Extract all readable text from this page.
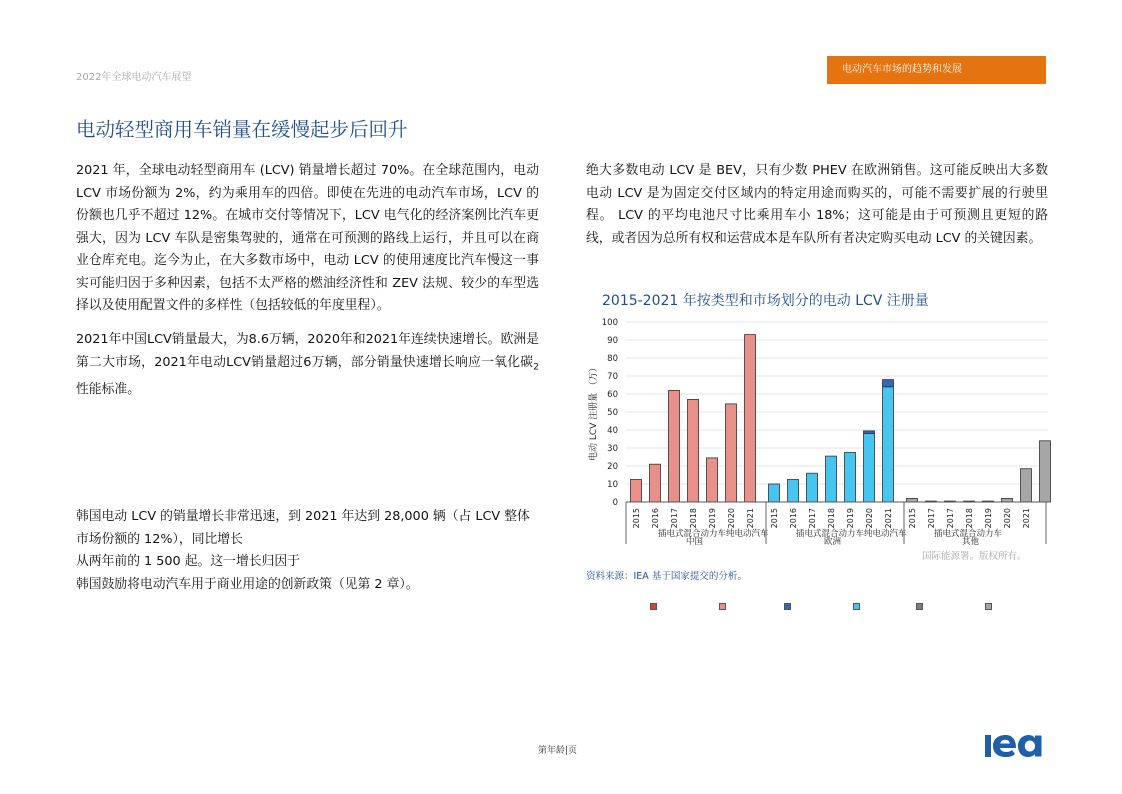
2022年全球电动汽车展望
电动汽车市场的趋势和发展
电动轻型商用车销量在缓慢起步后回升

2021 年，全球电动轻型商用车 (LCV) 销量增长超过 70%。在全球范围内，电动 LCV 市场份额为 2%，约为乘用车的四倍。即使在先进的电动汽车市场，LCV 的份额也几乎不超过 12%。在城市交付等情况下，LCV 电气化的经济案例比汽车更强大，因为 LCV 车队是密集驾驶的，通常在可预测的路线上运行，并且可以在商业仓库充电。迄今为止，在大多数市场中，电动 LCV 的使用速度比汽车慢这一事实可能归因于多种因素，包括不太严格的燃油经济性和 ZEV 法规、较少的车型选择以及使用配置文件的多样性（包括较低的年度里程）。

2021年中国LCV销量最大，为8.6万辆，2020年和2021年连续快速增长。欧洲是第二大市场，2021年电动LCV销量超过6万辆，部分销量快速增长响应一氧化碳$_2$性能标准。

韩国电动 LCV 的销量增长非常迅速，到 2021 年达到 28,000 辆（占 LCV 整体市场份额的 12%），同比增长
从两年前的 1 500 起。这一增长归因于
韩国鼓励将电动汽车用于商业用途的创新政策（见第 2 章）。

绝大多数电动 LCV 是 BEV，只有少数 PHEV 在欧洲销售。这可能反映出大多数电动 LCV 是为固定交付区域内的特定用途而购买的，可能不需要扩展的行驶里程。 LCV 的平均电池尺寸比乘用车小 18%；这可能是由于可预测且更短的路线，或者因为总所有权和运营成本是车队所有者决定购买电动 LCV 的关键因素。

2015-2021 年按类型和市场划分的电动 LCV 注册量
0
10
20
30
40
50
60
70
80
90
100
电动 LCV 注册量 （万）
2015 2016 2017 2018 2019 2020 2021
插电式混合动力车纯电动汽车
中国
2015 2016 2017 2018 2019 2020 2021
插电式混合动力车纯电动汽车
欧洲
2015 2017 2017 2018 2019 2020 2021
插电式混合动力车
其他
国际能源署。版权所有。
资料来源：IEA 基于国家提交的分析。
第年龄|页
